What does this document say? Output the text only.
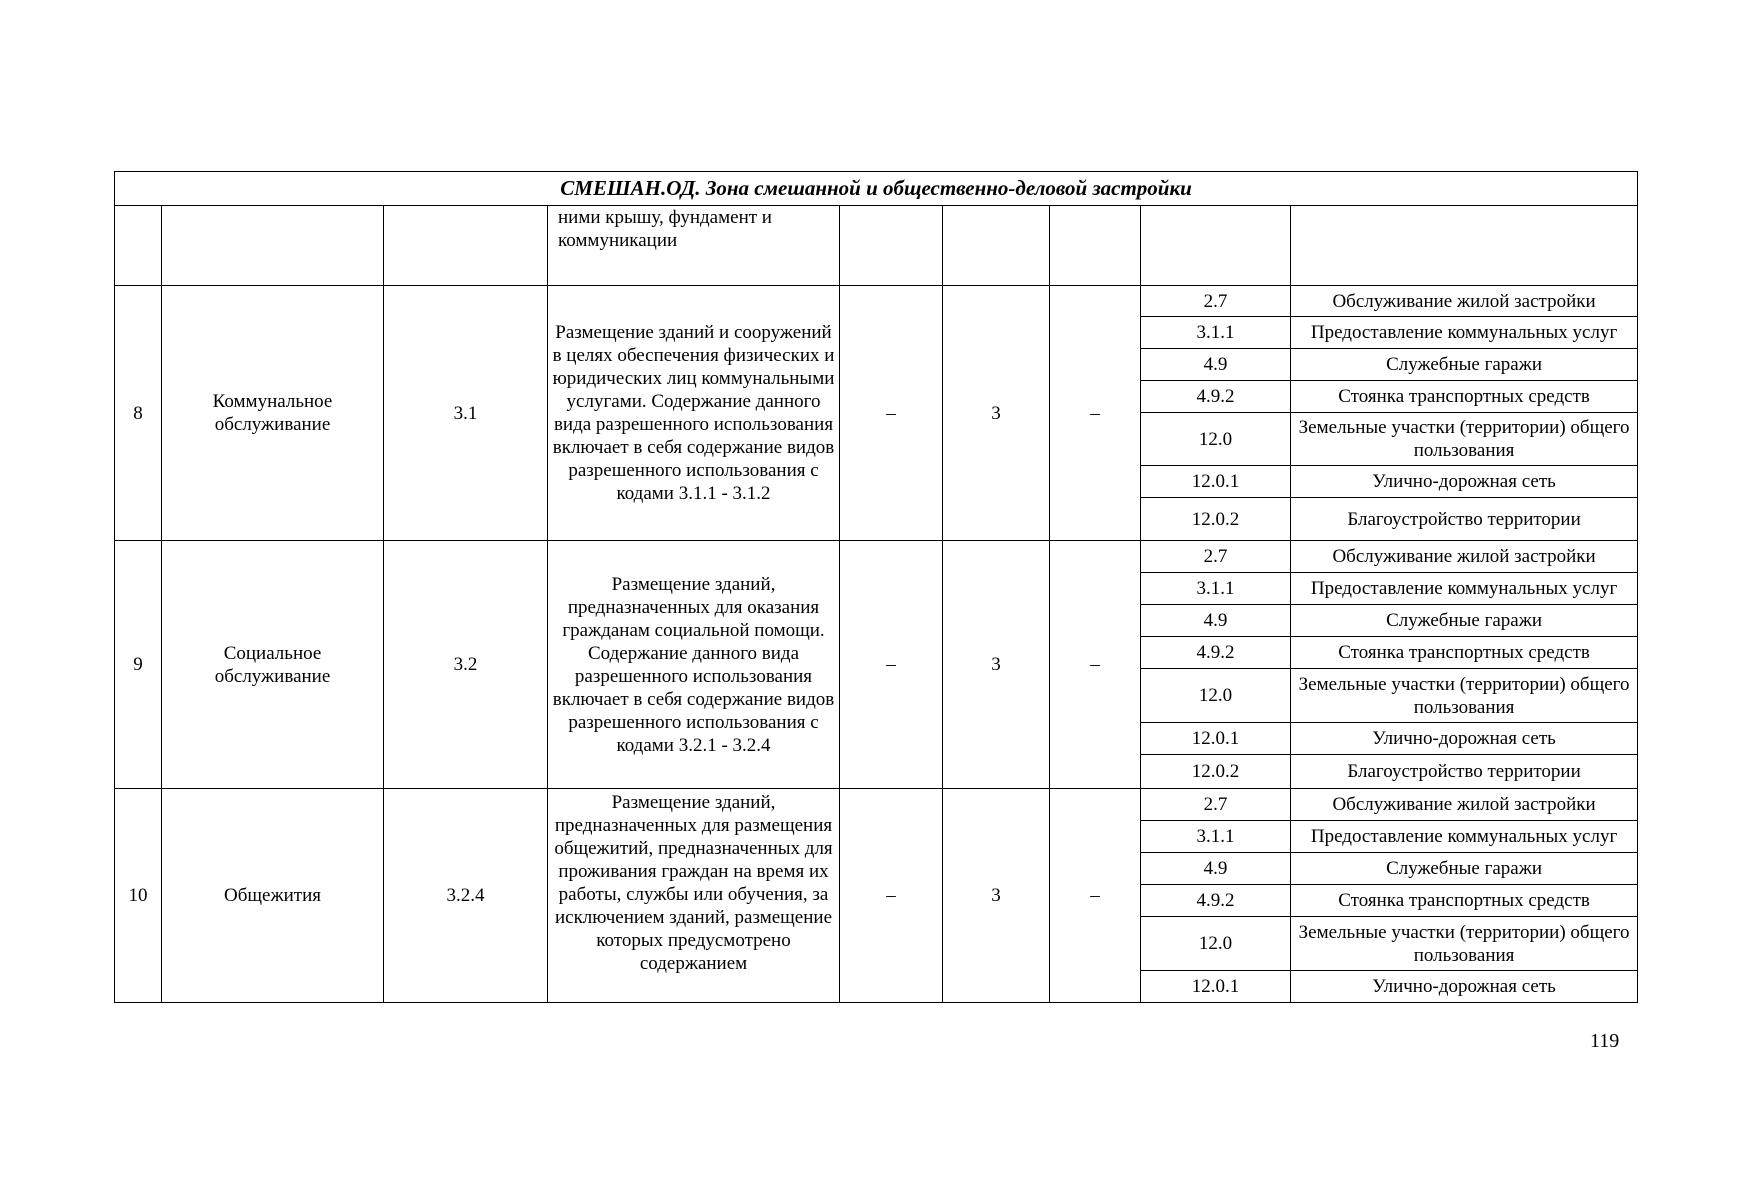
СМЕШАН.ОД. Зона смешанной и общественно-деловой застройки								
			ними крышу, фундамент и коммуникации					
8	Коммунальное обслуживание	3.1	Размещение зданий и сооружений в целях обеспечения физических и юридических лиц коммунальными услугами. Содержание данного вида разрешенного использования включает в себя содержание видов разрешенного использования с кодами 3.1.1 - 3.1.2	–	3	–	2.7	Обслуживание жилой застройки
							3.1.1	Предоставление коммунальных услуг
							4.9	Служебные гаражи
							4.9.2	Стоянка транспортных средств
							12.0	Земельные участки (территории) общего пользования
							12.0.1	Улично-дорожная сеть
							12.0.2	Благоустройство территории
9	Социальное обслуживание	3.2	Размещение зданий, предназначенных для оказания гражданам социальной помощи. Содержание данного вида разрешенного использования включает в себя содержание видов разрешенного использования с кодами 3.2.1 - 3.2.4	–	3	–	2.7	Обслуживание жилой застройки
							3.1.1	Предоставление коммунальных услуг
							4.9	Служебные гаражи
							4.9.2	Стоянка транспортных средств
							12.0	Земельные участки (территории) общего пользования
							12.0.1	Улично-дорожная сеть
							12.0.2	Благоустройство территории
10	Общежития	3.2.4	Размещение зданий, предназначенных для размещения общежитий, предназначенных для проживания граждан на время их работы, службы или обучения, за исключением зданий, размещение которых предусмотрено содержанием	–	3	–	2.7	Обслуживание жилой застройки
							3.1.1	Предоставление коммунальных услуг
							4.9	Служебные гаражи
							4.9.2	Стоянка транспортных средств
							12.0	Земельные участки (территории) общего пользования
							12.0.1	Улично-дорожная сеть
119
